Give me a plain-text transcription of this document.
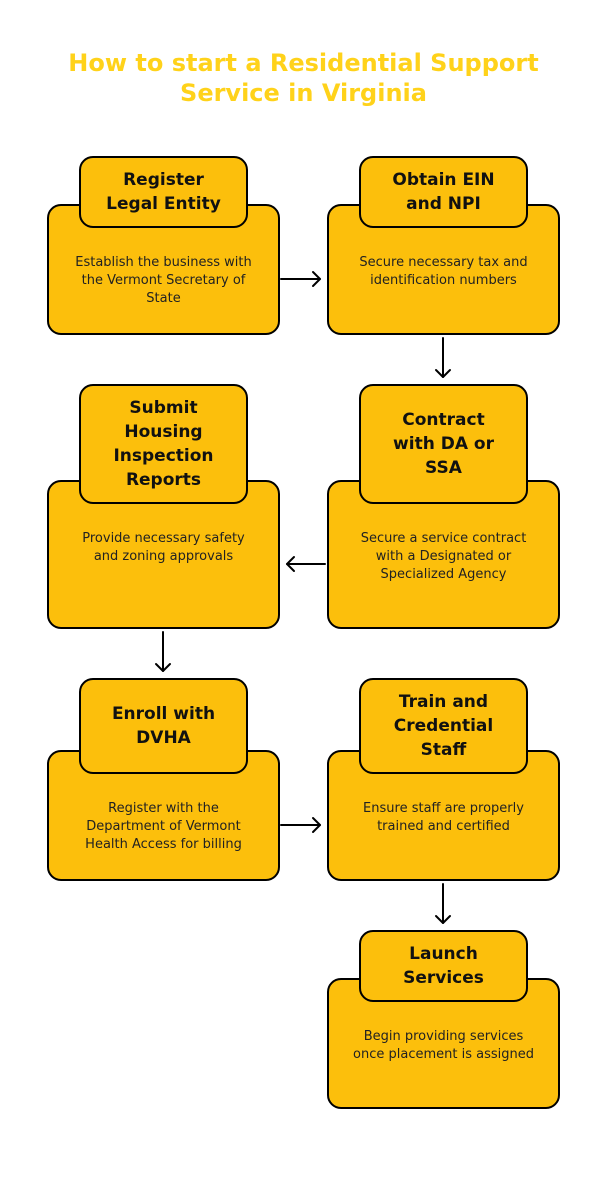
How to start a Residential Support
Service in Virginia
Establish the business with the Vermont Secretary of State
Register
Legal Entity
Secure necessary tax and identification numbers
Obtain EIN
and NPI
Secure a service contract with a Designated or Specialized Agency
Contract
with DA or
SSA
Provide necessary safety and zoning approvals
Submit
Housing
Inspection
Reports
Register with the Department of Vermont Health Access for billing
Enroll with
DVHA
Ensure staff are properly trained and certified
Train and
Credential
Staff
Begin providing services once placement is assigned
Launch
Services
